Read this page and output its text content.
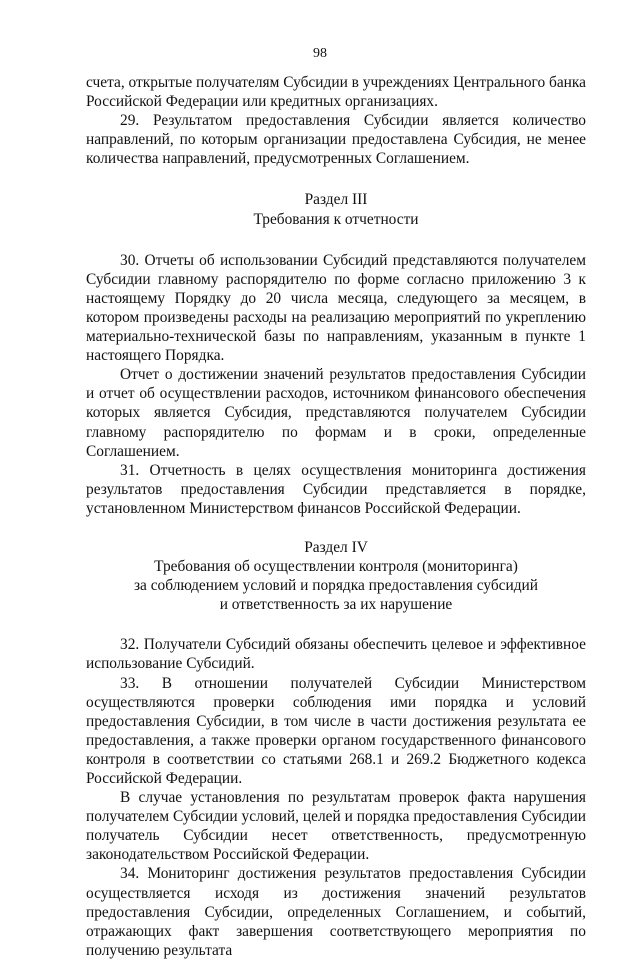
98

счета, открытые получателям Субсидии в учреждениях Центрального банка Российской Федерации или кредитных организациях.

29. Результатом предоставления Субсидии является количество направлений, по которым организации предоставлена Субсидия, не менее количества направлений, предусмотренных Соглашением.

Раздел III

Требования к отчетности

30. Отчеты об использовании Субсидий представляются получателем Субсидии главному распорядителю по форме согласно приложению 3 к настоящему Порядку до 20 числа месяца, следующего за месяцем, в котором произведены расходы на реализацию мероприятий по укреплению материально-технической базы по направлениям, указанным в пункте 1 настоящего Порядка.

Отчет о достижении значений результатов предоставления Субсидии и отчет об осуществлении расходов, источником финансового обеспечения которых является Субсидия, представляются получателем Субсидии главному распорядителю по формам и в сроки, определенные Соглашением.

31. Отчетность в целях осуществления мониторинга достижения результатов предоставления Субсидии представляется в порядке, установленном Министерством финансов Российской Федерации.

Раздел IV

Требования об осуществлении контроля (мониторинга)

за соблюдением условий и порядка предоставления субсидий

и ответственность за их нарушение

32. Получатели Субсидий обязаны обеспечить целевое и эффективное использование Субсидий.

33. В отношении получателей Субсидии Министерством осуществляются проверки соблюдения ими порядка и условий предоставления Субсидии, в том числе в части достижения результата ее предоставления, а также проверки органом государственного финансового контроля в соответствии со статьями 268.1 и 269.2 Бюджетного кодекса Российской Федерации.

В случае установления по результатам проверок факта нарушения получателем Субсидии условий, целей и порядка предоставления Субсидии получатель Субсидии несет ответственность, предусмотренную законодательством Российской Федерации.

34. Мониторинг достижения результатов предоставления Субсидии осуществляется исходя из достижения значений результатов предоставления Субсидии, определенных Соглашением, и событий, отражающих факт завершения соответствующего мероприятия по получению результата
